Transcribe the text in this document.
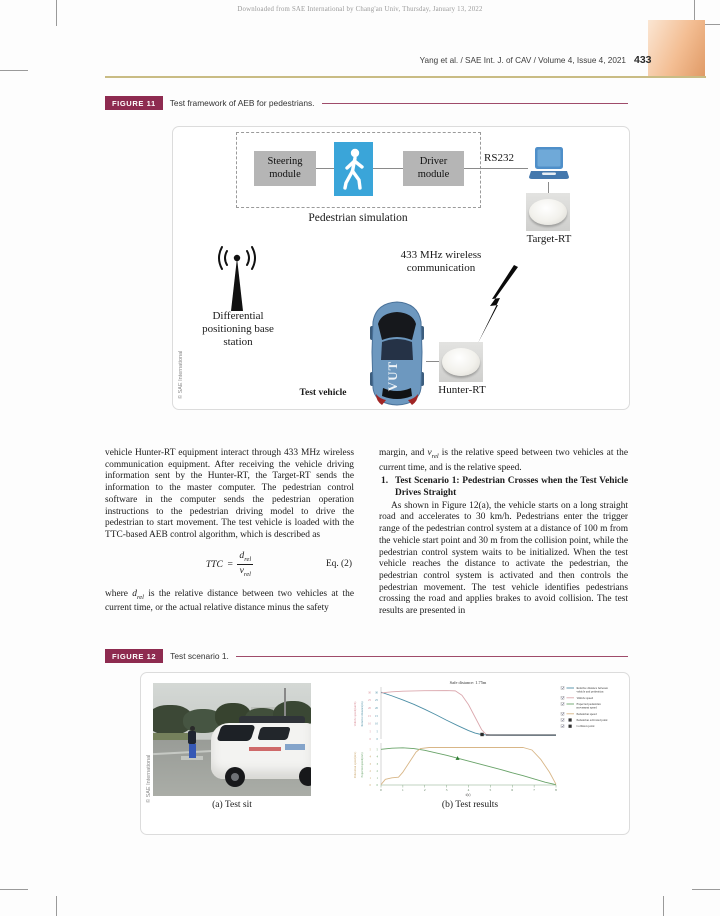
Downloaded from SAE International by Chang'an Univ, Thursday, January 13, 2022
Yang et al. / SAE Int. J. of CAV / Volume 4, Issue 4, 2021 433
FIGURE 11	Test framework of AEB for pedestrians.
© SAE International
Steering module
Driver module
RS232
Target-RT
Pedestrian simulation
Differential positioning base station
433 MHz wireless communication
VUT
Test vehicle	Hunter-RT

vehicle Hunter-RT equipment interact through 433 MHz wireless communication equipment. After receiving the vehicle driving information sent by the Hunter-RT, the Target-RT sends the information to the master computer. The pedestrian control software in the computer sends the pedestrian operation instructions to the pedestrian driving model to drive the pedestrian to start movement. The test vehicle is loaded with the TTC-based AEB control algorithm, which is described as

TTC = $\frac{d_{rel}}{v_{rel}}$	Eq. (2)

where $d_{rel}$ is the relative distance between two vehicles at the current time, or the actual relative distance minus the safety

margin, and $v_{rel}$ is the relative speed between two vehicles at the current time, and is the relative speed.

1. Test Scenario 1: Pedestrian Crosses when the Test Vehicle Drives Straight

As shown in Figure 12(a), the vehicle starts on a long straight road and accelerates to 30 km/h. Pedestrians enter the trigger range of the pedestrian control system at a distance of 100 m from the vehicle start point and 30 m from the collision point, while the pedestrian control system waits to be initialized. When the test vehicle reaches the distance to activate the pedestrian, the pedestrian control system is activated and then controls the pedestrian movement. The test vehicle identifies pedestrians crossing the road and applies brakes to avoid collision. The test results are presented in

FIGURE 12	Test scenario 1.
© SAE International
(a) Test sit
Safe distance: 1.75m
0	1	2	3	4	5	6	7	8
t(s)
0
5
10
15
20
25
30
Relative distance(m)
0
5
10
15
20
25
30
Vehicle speed(km/h)
0
1
2
3
4
5
Expected speed(m/s)
0
1
2
3
4
5
Pedestrian speed(m/s)
Relative distance between
vehicle and pedestrian
Vehicle speed
Expected pedestrian
movement speed
Pedestrian speed
Pedestrian activated point
Collision point
(b) Test results
